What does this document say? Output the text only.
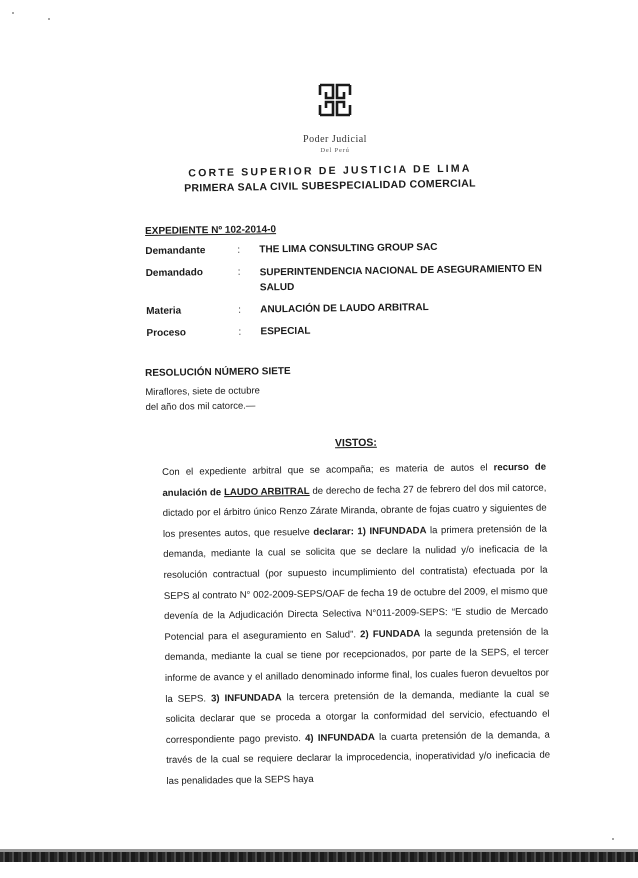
Poder Judicial
Del Perú
CORTE SUPERIOR DE JUSTICIA DE LIMA
PRIMERA SALA CIVIL SUBESPECIALIDAD COMERCIAL
EXPEDIENTE Nº 102-2014-0
Demandante	:	THE LIMA CONSULTING GROUP SAC
Demandado	:	SUPERINTENDENCIA NACIONAL DE ASEGURAMIENTO EN SALUD
Materia	:	ANULACIÓN DE LAUDO ARBITRAL
Proceso	:	ESPECIAL
RESOLUCIÓN NÚMERO SIETE
Miraflores, siete de octubre
del año dos mil catorce.—
VISTOS:
Con el expediente arbitral que se acompaña; es materia de autos el recurso de anulación de LAUDO ARBITRAL de derecho de fecha 27 de febrero del dos mil catorce, dictado por el árbitro único Renzo Zárate Miranda, obrante de fojas cuatro y siguientes de los presentes autos, que resuelve declarar: 1) INFUNDADA la primera pretensión de la demanda, mediante la cual se solicita que se declare la nulidad y/o ineficacia de la resolución contractual (por supuesto incumplimiento del contratista) efectuada por la SEPS al contrato N° 002-2009-SEPS/OAF de fecha 19 de octubre del 2009, el mismo que devenía de la Adjudicación Directa Selectiva N°011-2009-SEPS: “E studio de Mercado Potencial para el aseguramiento en Salud”. 2) FUNDADA la segunda pretensión de la demanda, mediante la cual se tiene por recepcionados, por parte de la SEPS, el tercer informe de avance y el anillado denominado informe final, los cuales fueron devueltos por la SEPS. 3) INFUNDADA la tercera pretensión de la demanda, mediante la cual se solicita declarar que se proceda a otorgar la conformidad del servicio, efectuando el correspondiente pago previsto. 4) INFUNDADA la cuarta pretensión de la demanda, a través de la cual se requiere declarar la improcedencia, inoperatividad y/o ineficacia de las penalidades que la SEPS haya
